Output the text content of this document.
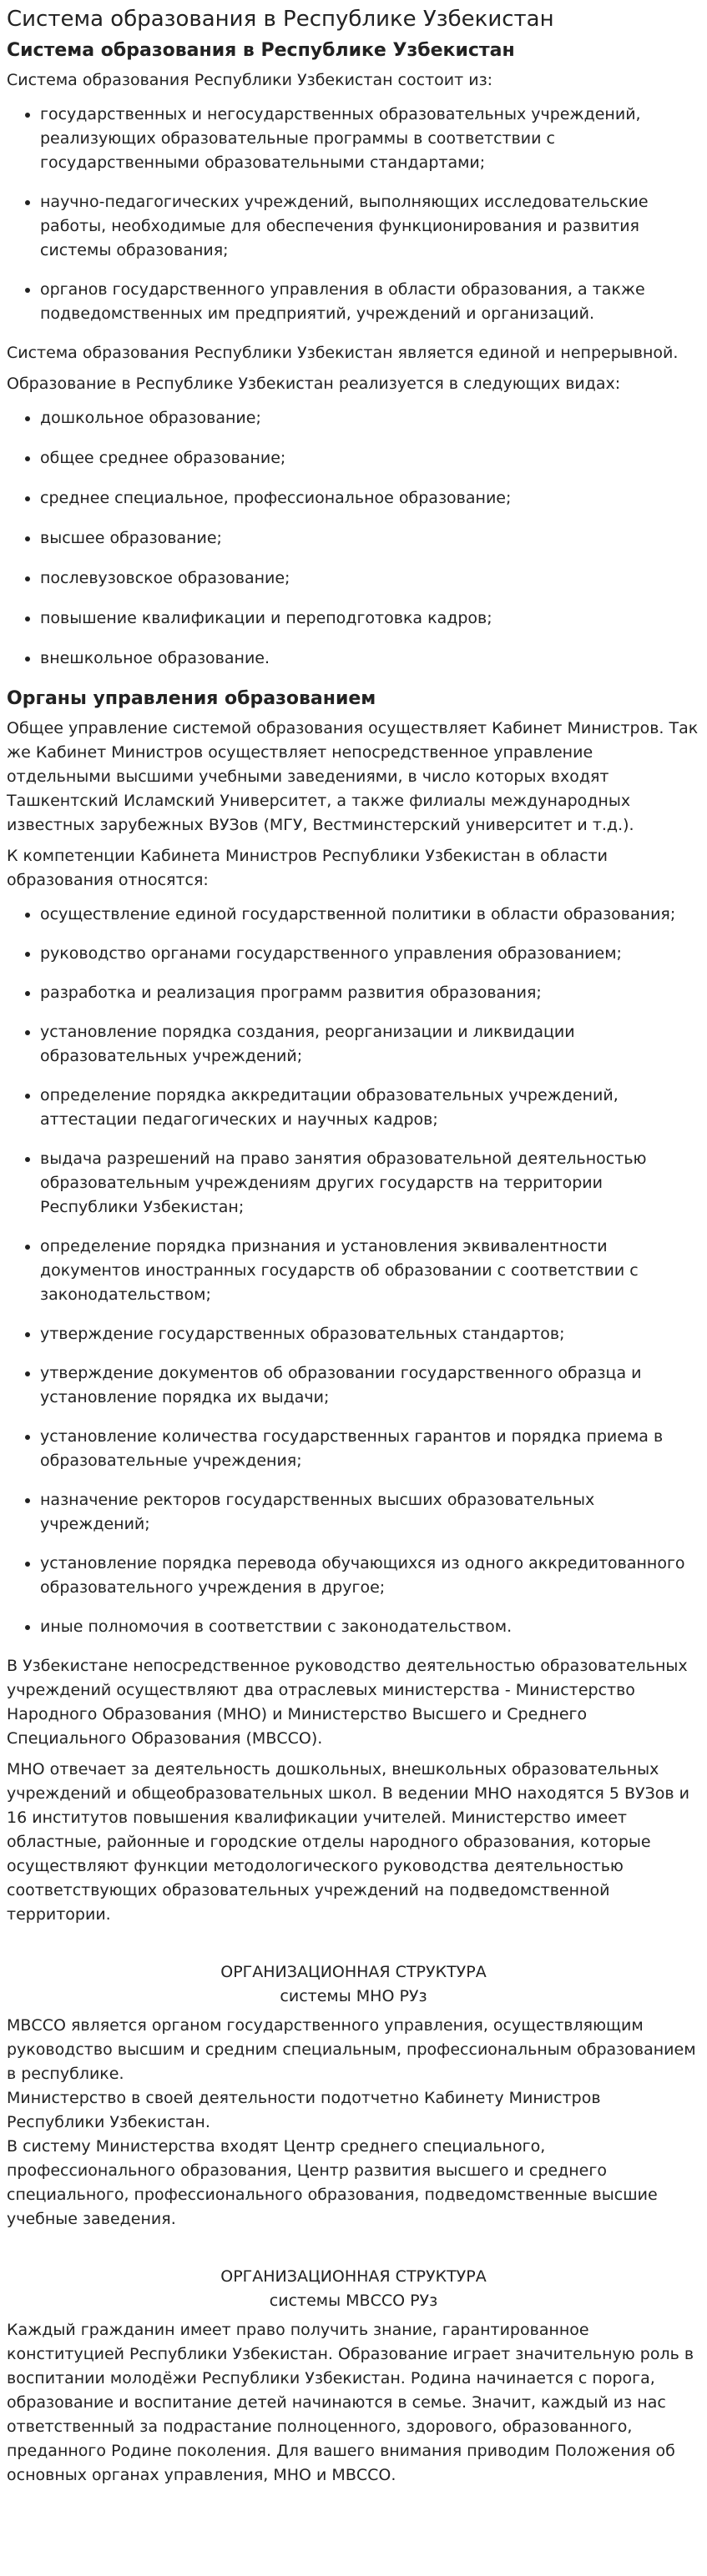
Система образования в Республике Узбекистан
Система образования в Республике Узбекистан

Система образования Республики Узбекистан состоит из:

• государственных и негосударственных образовательных учреждений, реализующих образовательные программы в соответствии с государственными образовательными стандартами;
• научно-педагогических учреждений, выполняющих исследовательские работы, необходимые для обеспечения функционирования и развития системы образования;
• органов государственного управления в области образования, а также подведомственных им предприятий, учреждений и организаций.

Система образования Республики Узбекистан является единой и непрерывной.

Образование в Республике Узбекистан реализуется в следующих видах:

• дошкольное образование;
• общее среднее образование;
• среднее специальное, профессиональное образование;
• высшее образование;
• послевузовское образование;
• повышение квалификации и переподготовка кадров;
• внешкольное образование.
Органы управления образованием

Общее управление системой образования осуществляет Кабинет Министров. Так же Кабинет Министров осуществляет непосредственное управление отдельными высшими учебными заведениями, в число которых входят Ташкентский Исламский Университет, а также филиалы международных известных зарубежных ВУЗов (МГУ, Вестминстерский университет и т.д.).

К компетенции Кабинета Министров Республики Узбекистан в области образования относятся:

• осуществление единой государственной политики в области образования;
• руководство органами государственного управления образованием;
• разработка и реализация программ развития образования;
• установление порядка создания, реорганизации и ликвидации образовательных учреждений;
• определение порядка аккредитации образовательных учреждений, аттестации педагогических и научных кадров;
• выдача разрешений на право занятия образовательной деятельностью образовательным учреждениям других государств на территории Республики Узбекистан;
• определение порядка признания и установления эквивалентности документов иностранных государств об образовании с соответствии с законодательством;
• утверждение государственных образовательных стандартов;
• утверждение документов об образовании государственного образца и установление порядка их выдачи;
• установление количества государственных гарантов и порядка приема в образовательные учреждения;
• назначение ректоров государственных высших образовательных учреждений;
• установление порядка перевода обучающихся из одного аккредитованного образовательного учреждения в другое;
• иные полномочия в соответствии с законодательством.

В Узбекистане непосредственное руководство деятельностью образовательных учреждений осуществляют два отраслевых министерства - Министерство Народного Образования (МНО) и Министерство Высшего и Среднего Специального Образования (МВССО).

МНО отвечает за деятельность дошкольных, внешкольных образовательных учреждений и общеобразовательных школ. В ведении МНО находятся 5 ВУЗов и 16 институтов повышения квалификации учителей. Министерство имеет областные, районные и городские отделы народного образования, которые осуществляют функции методологического руководства деятельностью соответствующих образовательных учреждений на подведомственной территории.

ОРГАНИЗАЦИОННАЯ СТРУКТУРА
системы МНО РУз

МВССО является органом государственного управления, осуществляющим руководство высшим и средним специальным, профессиональным образованием в республике.

Министерство в своей деятельности подотчетно Кабинету Министров Республики Узбекистан.

В систему Министерства входят Центр среднего специального, профессионального образования, Центр развития высшего и среднего специального, профессионального образования, подведомственные высшие учебные заведения.

ОРГАНИЗАЦИОННАЯ СТРУКТУРА
системы МВССО РУз

Каждый гражданин имеет право получить знание, гарантированное конституцией Республики Узбекистан. Образование играет значительную роль в воспитании молодёжи Республики Узбекистан. Родина начинается с порога, образование и воспитание детей начинаются в семье. Значит, каждый из нас ответственный за подрастание полноценного, здорового, образованного, преданного Родине поколения. Для вашего внимания приводим Положения об основных органах управления, МНО и МВССО.
